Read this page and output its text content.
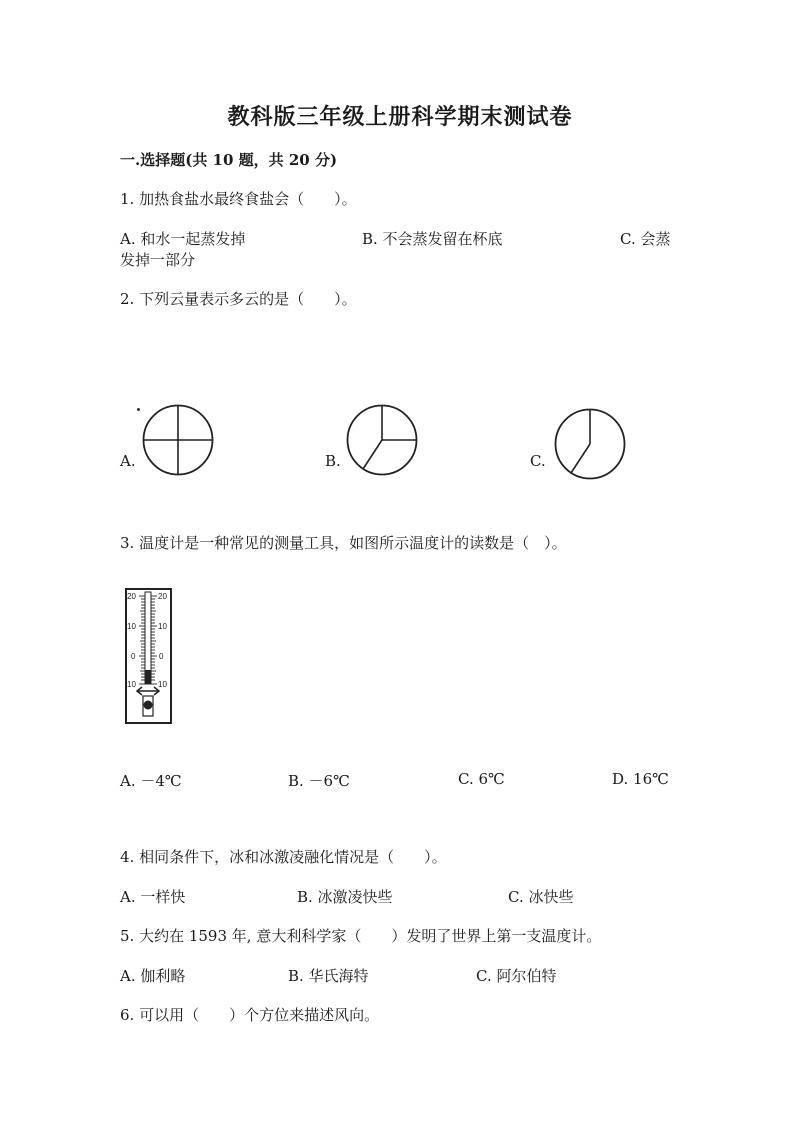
教科版三年级上册科学期末测试卷
一.选择题(共 10 题，共 20 分)
1. 加热食盐水最终食盐会（　　）。
A. 和水一起蒸发掉	B. 不会蒸发留在杯底	C. 会蒸
发掉一部分
2. 下列云量表示多云的是（　　）。
A.	B.	C.
3. 温度计是一种常见的测量工具，如图所示温度计的读数是（　）。
20	20
10	10
0	0
10	10
A. －4℃	B. －6℃	C. 6℃	D. 16℃
4. 相同条件下，冰和冰激凌融化情况是（　　）。
A. 一样快	B. 冰激凌快些	C. 冰快些
5. 大约在 1593 年, 意大利科学家（　　）发明了世界上第一支温度计。
A. 伽利略	B. 华氏海特	C. 阿尔伯特
6. 可以用（　　）个方位来描述风向。
